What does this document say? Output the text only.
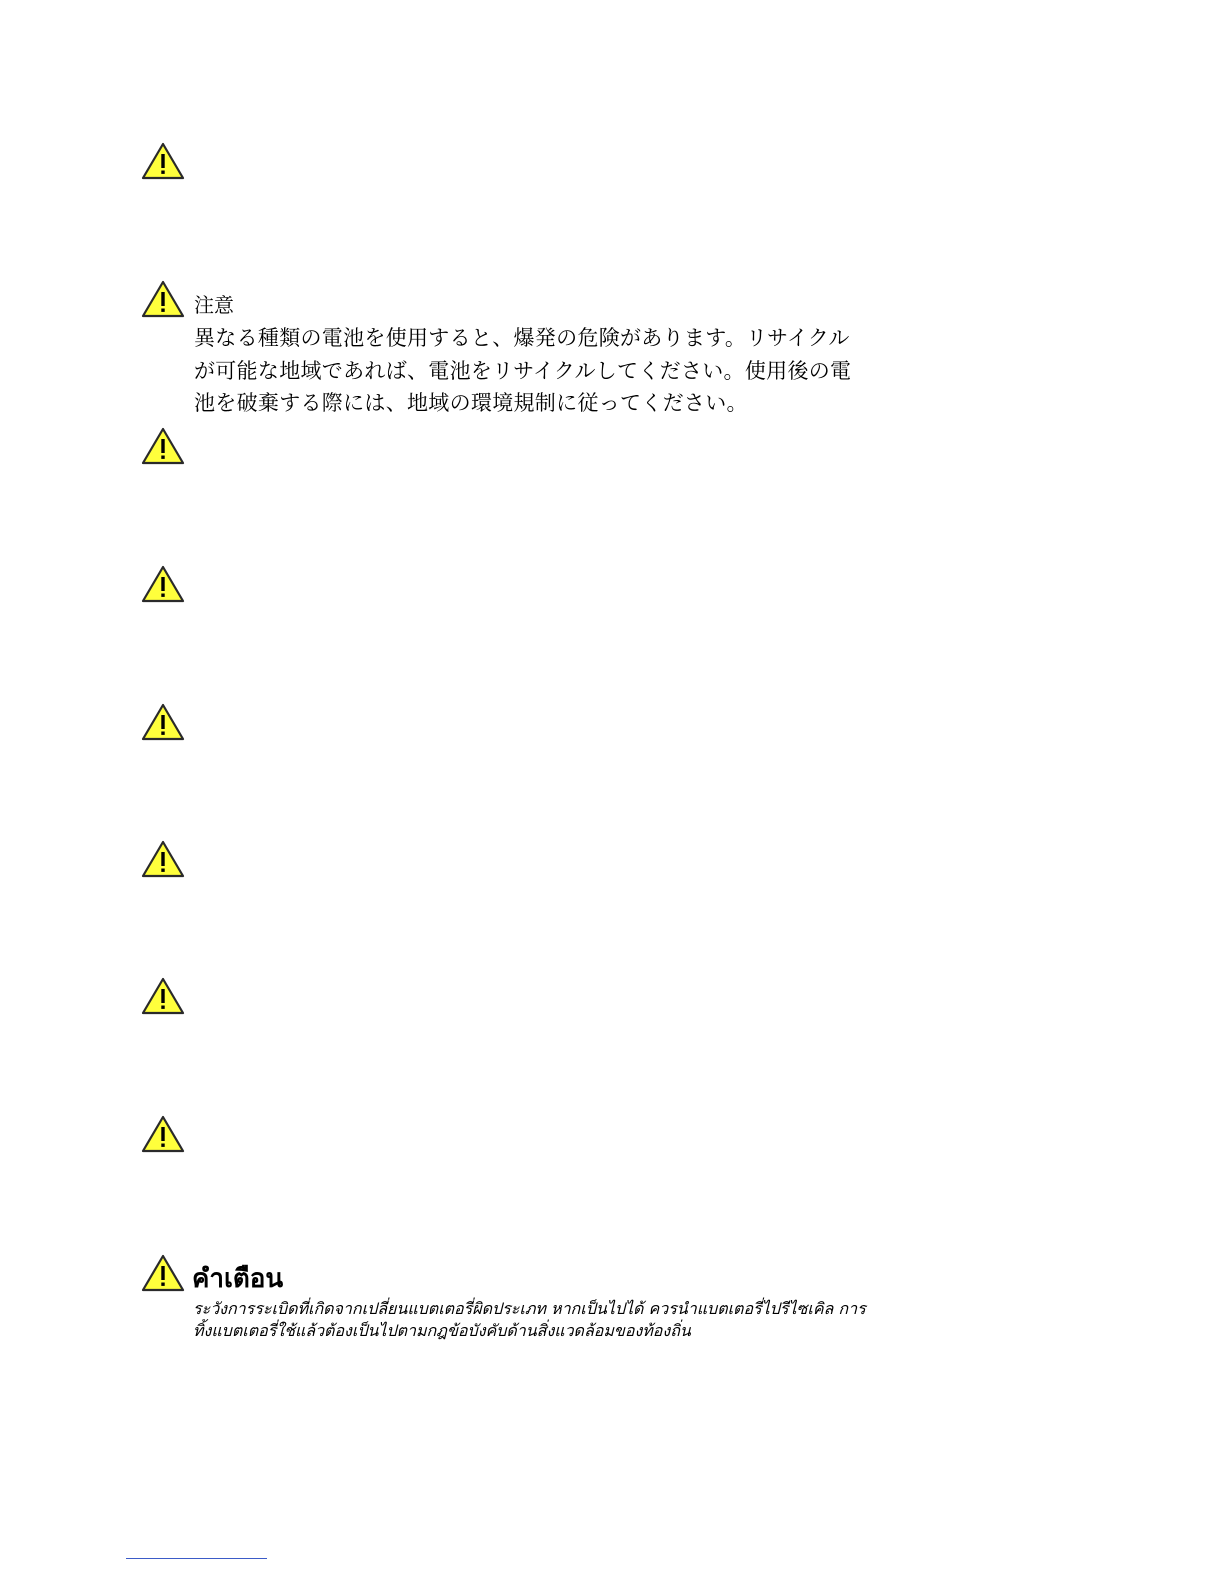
注意
異なる種類の電池を使用すると、爆発の危険があります。リサイクル
が可能な地域であれば、電池をリサイクルしてください。使用後の電
池を破棄する際には、地域の環境規制に従ってください。
คำเตือน
ระวังการระเบิดที่เกิดจากเปลี่ยนแบตเตอรี่ผิดประเภท หากเป็นไปได้ ควรนำแบตเตอรี่ไปรีไซเคิล การ
ทิ้งแบตเตอรี่ใช้แล้วต้องเป็นไปตามกฎข้อบังคับด้านสิ่งแวดล้อมของท้องถิ่น
